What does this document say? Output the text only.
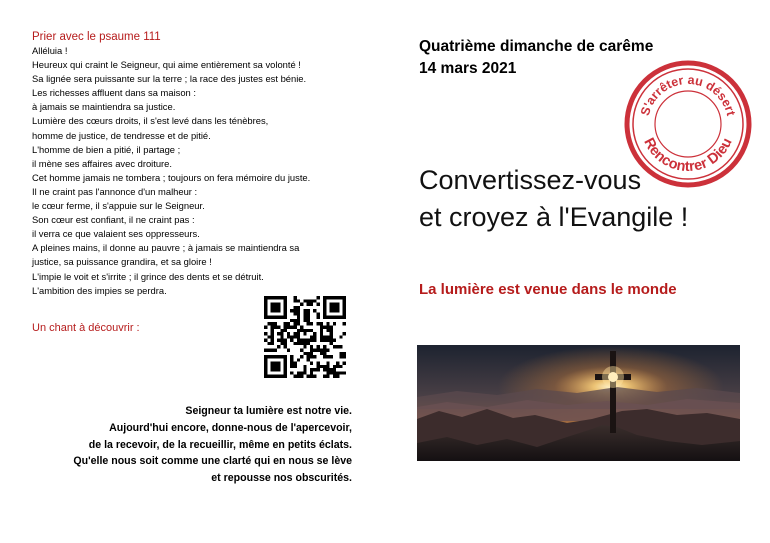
Prier avec le psaume 111
Alléluia !
Heureux qui craint le Seigneur, qui aime entièrement sa volonté !
Sa lignée sera puissante sur la terre ; la race des justes est bénie.
Les richesses affluent dans sa maison :
à jamais se maintiendra sa justice.
Lumière des cœurs droits, il s'est levé dans les ténèbres,
homme de justice, de tendresse et de pitié.
L'homme de bien a pitié, il partage ;
il mène ses affaires avec droiture.
Cet homme jamais ne tombera ; toujours on fera mémoire du juste.
Il ne craint pas l'annonce d'un malheur :
le cœur ferme, il s'appuie sur le Seigneur.
Son cœur est confiant, il ne craint pas :
il verra ce que valaient ses oppresseurs.
A pleines mains, il donne au pauvre ; à jamais se maintiendra sa
justice, sa puissance grandira, et sa gloire !
L'impie le voit et s'irrite ; il grince des dents et se détruit.
L'ambition des impies se perdra.
Un chant à découvrir :
Seigneur ta lumière est notre vie.
Aujourd'hui encore, donne-nous de l'apercevoir,
de la recevoir, de la recueillir, même en petits éclats.
Qu'elle nous soit comme une clarté qui en nous se lève
et repousse nos obscurités.
Quatrième dimanche de carême
14 mars 2021
S'arrêter au désert
Rencontrer Dieu
Convertissez-vous
et croyez à l'Evangile !
La lumière est venue dans le monde
